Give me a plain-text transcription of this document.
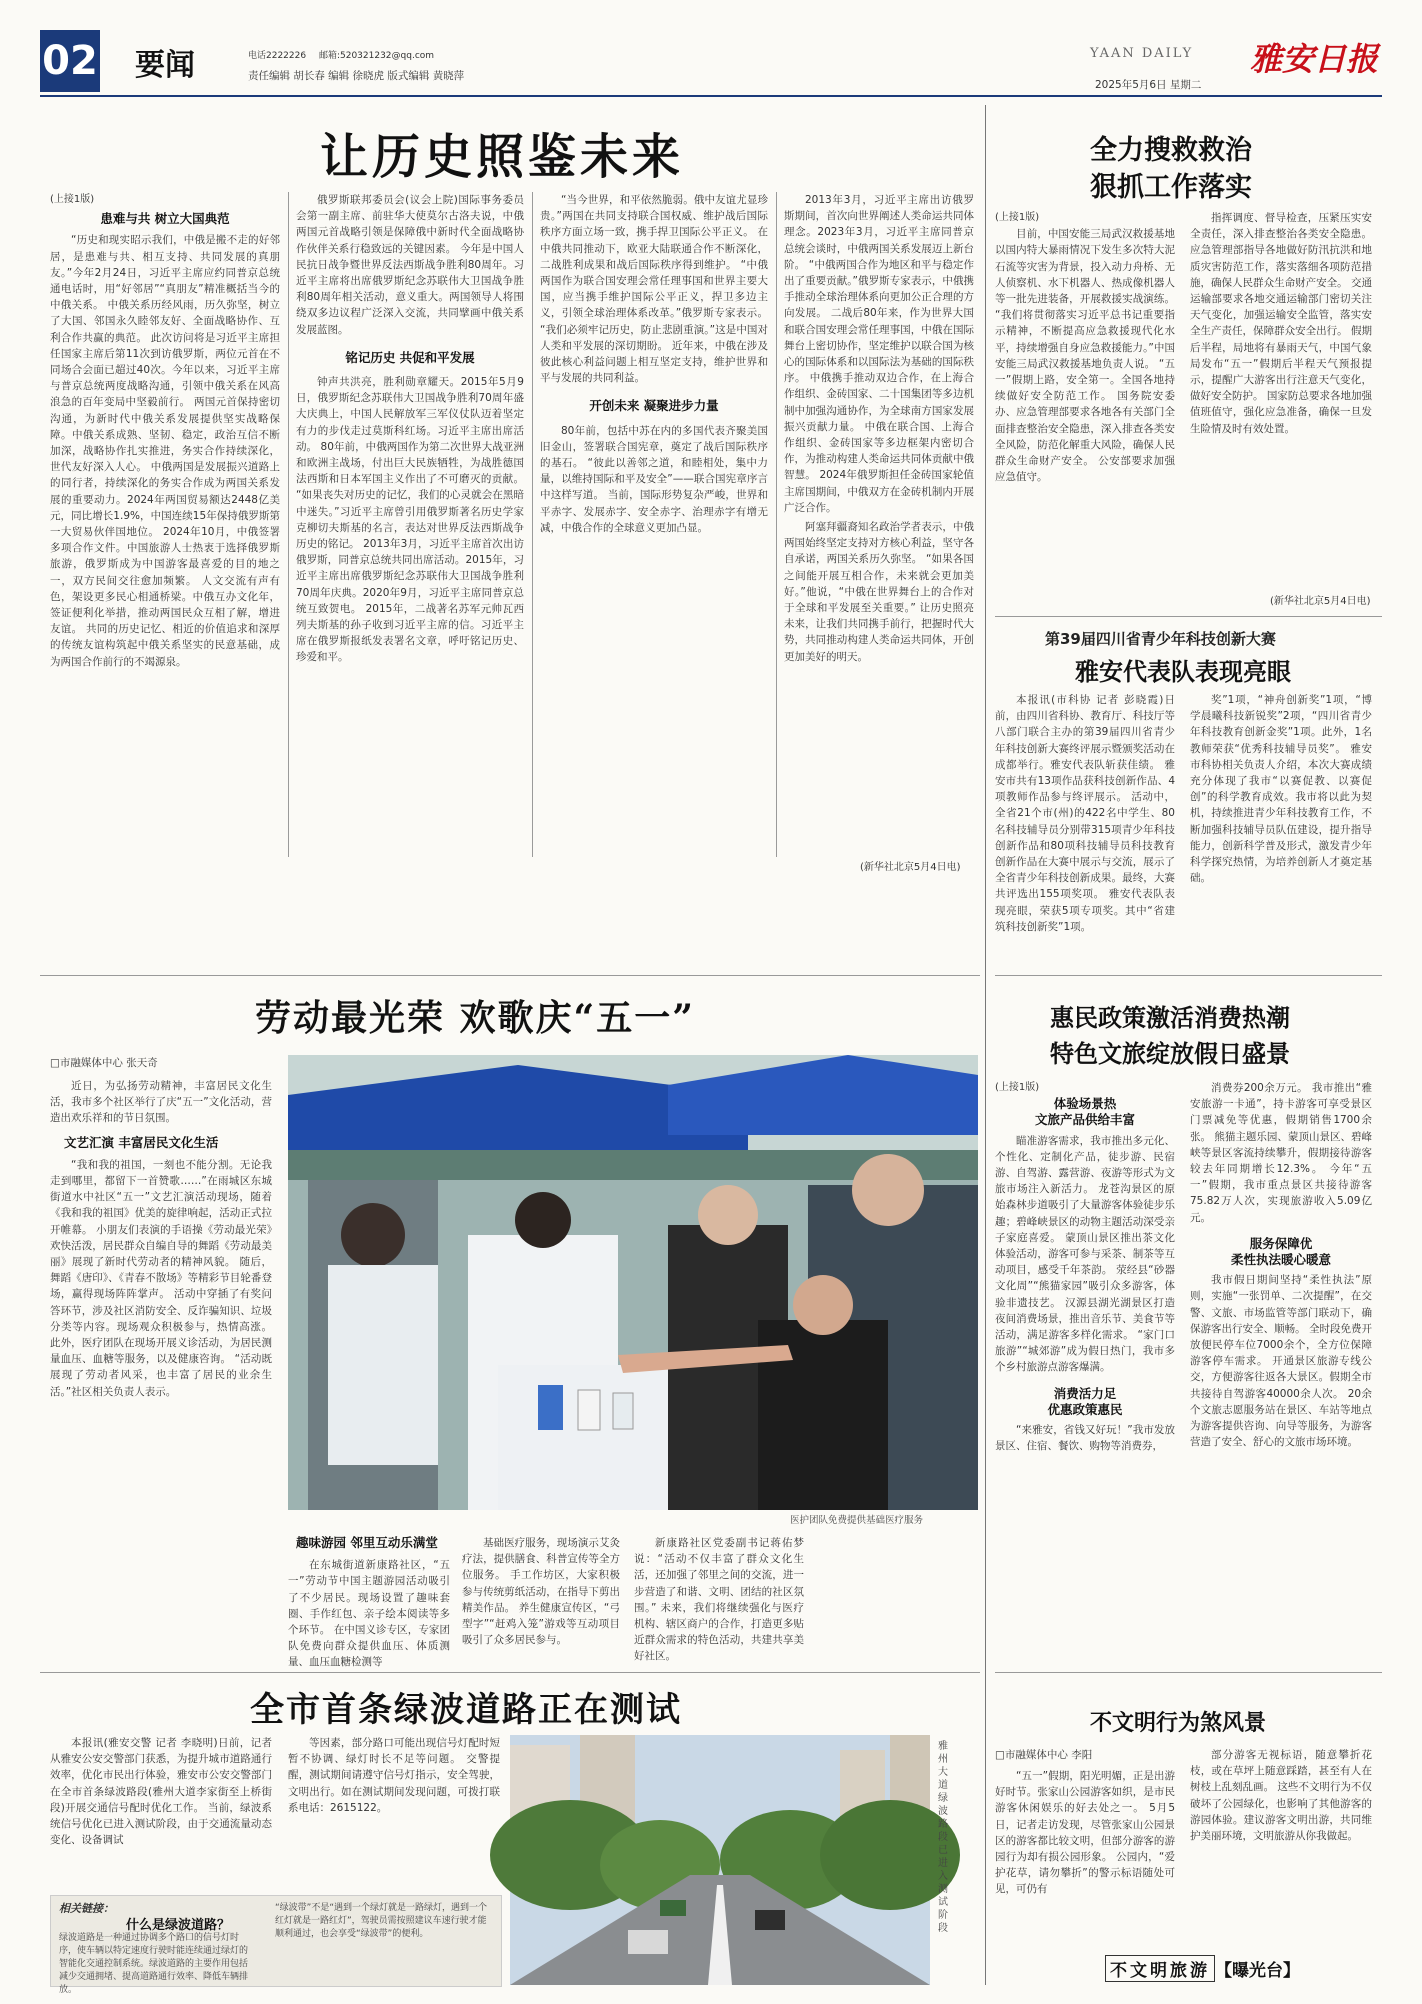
02 要闻	电话2222226 邮箱:520321232@qq.com
责任编辑 胡长春 编辑 徐晓虎 版式编辑 黄晓萍
YAAN DAILY 雅安日报
2025年5月6日 星期二
让历史照鉴未来
(上接1版)
患难与共 树立大国典范

“历史和现实昭示我们，中俄是搬不走的好邻居，是患难与共、相互支持、共同发展的真朋友。”今年2月24日，习近平主席应约同普京总统通电话时，用“好邻居”“真朋友”精准概括当今的中俄关系。 中俄关系历经风雨，历久弥坚，树立了大国、邻国永久睦邻友好、全面战略协作、互利合作共赢的典范。 此次访问将是习近平主席担任国家主席后第11次到访俄罗斯，两位元首在不同场合会面已超过40次。今年以来，习近平主席与普京总统两度战略沟通，引领中俄关系在风高浪急的百年变局中坚毅前行。 两国元首保持密切沟通，为新时代中俄关系发展提供坚实战略保障。中俄关系成熟、坚韧、稳定，政治互信不断加深，战略协作扎实推进，务实合作持续深化，世代友好深入人心。 中俄两国是发展振兴道路上的同行者，持续深化的务实合作成为两国关系发展的重要动力。2024年两国贸易额达2448亿美元，同比增长1.9%，中国连续15年保持俄罗斯第一大贸易伙伴国地位。 2024年10月，中俄签署多项合作文件。中国旅游人士热衷于选择俄罗斯旅游，俄罗斯成为中国游客最喜爱的目的地之一，双方民间交往愈加频繁。 人文交流有声有色，架设更多民心相通桥梁。中俄互办文化年，签证便利化举措，推动两国民众互相了解，增进友谊。 共同的历史记忆、相近的价值追求和深厚的传统友谊构筑起中俄关系坚实的民意基础，成为两国合作前行的不竭源泉。

俄罗斯联邦委员会(议会上院)国际事务委员会第一副主席、前驻华大使莫尔古洛夫说，中俄两国元首战略引领是保障俄中新时代全面战略协作伙伴关系行稳致远的关键因素。 今年是中国人民抗日战争暨世界反法西斯战争胜利80周年。习近平主席将出席俄罗斯纪念苏联伟大卫国战争胜利80周年相关活动，意义重大。两国领导人将围绕双多边议程广泛深入交流，共同擘画中俄关系发展蓝图。

铭记历史 共促和平发展

钟声共洪亮，胜利勋章耀天。2015年5月9日，俄罗斯纪念苏联伟大卫国战争胜利70周年盛大庆典上，中国人民解放军三军仪仗队迈着坚定有力的步伐走过莫斯科红场。习近平主席出席活动。 80年前，中俄两国作为第二次世界大战亚洲和欧洲主战场，付出巨大民族牺牲，为战胜德国法西斯和日本军国主义作出了不可磨灭的贡献。 “如果丧失对历史的记忆，我们的心灵就会在黑暗中迷失。”习近平主席曾引用俄罗斯著名历史学家克柳切夫斯基的名言，表达对世界反法西斯战争历史的铭记。 2013年3月，习近平主席首次出访俄罗斯，同普京总统共同出席活动。2015年，习近平主席出席俄罗斯纪念苏联伟大卫国战争胜利70周年庆典。2020年9月，习近平主席同普京总统互致贺电。 2015年，二战著名苏军元帅瓦西列夫斯基的孙子收到习近平主席的信。习近平主席在俄罗斯报纸发表署名文章，呼吁铭记历史、珍爱和平。

“当今世界，和平依然脆弱。俄中友谊尤显珍贵。”两国在共同支持联合国权威、维护战后国际秩序方面立场一致，携手捍卫国际公平正义。 在中俄共同推动下，欧亚大陆联通合作不断深化，二战胜利成果和战后国际秩序得到维护。 “中俄两国作为联合国安理会常任理事国和世界主要大国，应当携手维护国际公平正义，捍卫多边主义，引领全球治理体系改革。”俄罗斯专家表示。 “我们必须牢记历史，防止悲剧重演。”这是中国对人类和平发展的深切期盼。 近年来，中俄在涉及彼此核心利益问题上相互坚定支持，维护世界和平与发展的共同利益。

开创未来 凝聚进步力量

80年前，包括中苏在内的多国代表齐聚美国旧金山，签署联合国宪章，奠定了战后国际秩序的基石。 “彼此以善邻之道，和睦相处，集中力量，以维持国际和平及安全”——联合国宪章序言中这样写道。 当前，国际形势复杂严峻，世界和平赤字、发展赤字、安全赤字、治理赤字有增无减，中俄合作的全球意义更加凸显。

2013年3月，习近平主席出访俄罗斯期间，首次向世界阐述人类命运共同体理念。2023年3月，习近平主席同普京总统会谈时，中俄两国关系发展迈上新台阶。 “中俄两国合作为地区和平与稳定作出了重要贡献。”俄罗斯专家表示，中俄携手推动全球治理体系向更加公正合理的方向发展。 二战后80年来，作为世界大国和联合国安理会常任理事国，中俄在国际舞台上密切协作，坚定维护以联合国为核心的国际体系和以国际法为基础的国际秩序。 中俄携手推动双边合作，在上海合作组织、金砖国家、二十国集团等多边机制中加强沟通协作，为全球南方国家发展振兴贡献力量。 中俄在联合国、上海合作组织、金砖国家等多边框架内密切合作，为推动构建人类命运共同体贡献中俄智慧。 2024年俄罗斯担任金砖国家轮值主席国期间，中俄双方在金砖机制内开展广泛合作。

阿塞拜疆裔知名政治学者表示，中俄两国始终坚定支持对方核心利益，坚守各自承诺，两国关系历久弥坚。 “如果各国之间能开展互相合作，未来就会更加美好。”他说，“中俄在世界舞台上的合作对于全球和平发展至关重要。” 让历史照亮未来，让我们共同携手前行，把握时代大势，共同推动构建人类命运共同体，开创更加美好的明天。

(新华社北京5月4日电)
全力搜救救治
狠抓工作落实
(上接1版)

目前，中国安能三局武汉救援基地以国内特大暴雨情况下发生多次特大泥石流等灾害为背景，投入动力舟桥、无人侦察机、水下机器人、热成像机器人等一批先进装备，开展救援实战演练。 “我们将贯彻落实习近平总书记重要指示精神，不断提高应急救援现代化水平，持续增强自身应急救援能力。”中国安能三局武汉救援基地负责人说。 “五一”假期上路，安全第一。全国各地持续做好安全防范工作。 国务院安委办、应急管理部要求各地各有关部门全面排查整治安全隐患，深入排查各类安全风险，防范化解重大风险，确保人民群众生命财产安全。 公安部要求加强应急值守。

指挥调度、督导检查，压紧压实安全责任，深入排查整治各类安全隐患。 应急管理部指导各地做好防汛抗洪和地质灾害防范工作，落实落细各项防范措施，确保人民群众生命财产安全。 交通运输部要求各地交通运输部门密切关注天气变化，加强运输安全监管，落实安全生产责任，保障群众安全出行。 假期后半程，局地将有暴雨天气，中国气象局发布“五一”假期后半程天气预报提示，提醒广大游客出行注意天气变化，做好安全防护。 国家防总要求各地加强值班值守，强化应急准备，确保一旦发生险情及时有效处置。

(新华社北京5月4日电)
第39届四川省青少年科技创新大赛
雅安代表队表现亮眼

本报讯(市科协 记者 彭晓霞)日前，由四川省科协、教育厅、科技厅等八部门联合主办的第39届四川省青少年科技创新大赛终评展示暨颁奖活动在成都举行。雅安代表队斩获佳绩。 雅安市共有13项作品获科技创新作品、4项教师作品参与终评展示。 活动中，全省21个市(州)的422名中学生、80名科技辅导员分别带315项青少年科技创新作品和80项科技辅导员科技教育创新作品在大赛中展示与交流，展示了全省青少年科技创新成果。最终，大赛共评选出155项奖项。 雅安代表队表现亮眼，荣获5项专项奖。其中“省建筑科技创新奖”1项。

奖”1项，“神舟创新奖”1项，“博学晨曦科技新锐奖”2项，“四川省青少年科技教育创新金奖”1项。此外，1名教师荣获“优秀科技辅导员奖”。 雅安市科协相关负责人介绍，本次大赛成绩充分体现了我市“以赛促教、以赛促创”的科学教育成效。我市将以此为契机，持续推进青少年科技教育工作，不断加强科技辅导员队伍建设，提升指导能力，创新科学普及形式，激发青少年科学探究热情，为培养创新人才奠定基础。

劳动最光荣 欢歌庆“五一”
□市融媒体中心 张天奇

近日，为弘扬劳动精神，丰富居民文化生活，我市多个社区举行了庆“五一”文化活动，营造出欢乐祥和的节日氛围。

文艺汇演 丰富居民文化生活

“我和我的祖国，一刻也不能分割。无论我走到哪里，都留下一首赞歌……”在雨城区东城街道水中社区“五一”文艺汇演活动现场，随着《我和我的祖国》优美的旋律响起，活动正式拉开帷幕。 小朋友们表演的手语操《劳动最光荣》欢快活泼，居民群众自编自导的舞蹈《劳动最美丽》展现了新时代劳动者的精神风貌。 随后，舞蹈《唐印》、《青春不散场》等精彩节目轮番登场，赢得现场阵阵掌声。 活动中穿插了有奖问答环节，涉及社区消防安全、反诈骗知识、垃圾分类等内容。现场观众积极参与，热情高涨。 此外，医疗团队在现场开展义诊活动，为居民测量血压、血糖等服务，以及健康咨询。 “活动既展现了劳动者风采，也丰富了居民的业余生活。”社区相关负责人表示。

医护团队免费提供基础医疗服务
趣味游园 邻里互动乐满堂

在东城街道新康路社区，“五一”劳动节中国主题游园活动吸引了不少居民。现场设置了趣味套圈、手作红包、亲子绘本阅读等多个环节。 在中国义诊专区，专家团队免费向群众提供血压、体质测量、血压血糖检测等

基础医疗服务，现场演示艾灸疗法，提供膳食、科普宣传等全方位服务。 手工作坊区，大家积极参与传统剪纸活动，在指导下剪出精美作品。 养生健康宣传区，“弓型字”“赶鸡入笼”游戏等互动项目吸引了众多居民参与。

新康路社区党委副书记蒋佑梦说：“活动不仅丰富了群众文化生活，还加强了邻里之间的交流，进一步营造了和谐、文明、团结的社区氛围。” 未来，我们将继续强化与医疗机构、辖区商户的合作，打造更多贴近群众需求的特色活动，共建共享美好社区。

惠民政策激活消费热潮
特色文旅绽放假日盛景
(上接1版)
体验场景热
文旅产品供给丰富

瞄准游客需求，我市推出多元化、个性化、定制化产品，徒步游、民宿游、自驾游、露营游、夜游等形式为文旅市场注入新活力。 龙苍沟景区的原始森林步道吸引了大量游客体验徒步乐趣；碧峰峡景区的动物主题活动深受亲子家庭喜爱。 蒙顶山景区推出茶文化体验活动，游客可参与采茶、制茶等互动项目，感受千年茶韵。 荥经县“砂器文化周”“熊猫家园”吸引众多游客，体验非遗技艺。 汉源县湖光湖景区打造夜间消费场景，推出音乐节、美食节等活动，满足游客多样化需求。 “家门口旅游”“城郊游”成为假日热门，我市多个乡村旅游点游客爆满。

消费活力足
优惠政策惠民

“来雅安，省钱又好玩！”我市发放景区、住宿、餐饮、购物等消费券，

消费券200余万元。 我市推出“雅安旅游一卡通”，持卡游客可享受景区门票减免等优惠，假期销售1700余张。 熊猫主题乐园、蒙顶山景区、碧峰峡等景区客流持续攀升，假期接待游客较去年同期增长12.3%。 今年“五一”假期，我市重点景区共接待游客75.82万人次，实现旅游收入5.09亿元。

服务保障优
柔性执法暖心暖意

我市假日期间坚持“柔性执法”原则，实施“一张罚单、二次提醒”，在交警、文旅、市场监管等部门联动下，确保游客出行安全、顺畅。 全时段免费开放便民停车位7000余个，全方位保障游客停车需求。 开通景区旅游专线公交，方便游客往返各大景区。假期全市共接待自驾游客40000余人次。 20余个文旅志愿服务站在景区、车站等地点为游客提供咨询、向导等服务，为游客营造了安全、舒心的文旅市场环境。

全市首条绿波道路正在测试

本报讯(雅安交警 记者 李晓明)日前，记者从雅安公安交警部门获悉，为提升城市道路通行效率，优化市民出行体验，雅安市公安交警部门在全市首条绿波路段(雅州大道李家街至上桥街段)开展交通信号配时优化工作。 当前，绿波系统信号优化已进入测试阶段，由于交通流量动态变化、设备调试

等因素，部分路口可能出现信号灯配时短暂不协调、绿灯时长不足等问题。 交警提醒，测试期间请遵守信号灯指示，安全驾驶，文明出行。如在测试期间发现问题，可拨打联系电话：2615122。

雅州大道绿波路段已进入测试阶段
相关链接：
什么是绿波道路？
绿波道路是一种通过协调多个路口的信号灯时序，使车辆以特定速度行驶时能连续通过绿灯的智能化交通控制系统。绿波道路的主要作用包括减少交通拥堵、提高道路通行效率、降低车辆排放。
“绿波带”不是“遇到一个绿灯就是一路绿灯，遇到一个红灯就是一路红灯”，驾驶员需按照建议车速行驶才能顺利通过，也会享受“绿波带”的便利。
不文明行为煞风景
□市融媒体中心 李阳

“五一”假期，阳光明媚，正是出游好时节。张家山公园游客如织，是市民游客休闲娱乐的好去处之一。 5月5日，记者走访发现，尽管张家山公园景区的游客都比较文明，但部分游客的游园行为却有损公园形象。 公园内，“爱护花草，请勿攀折”的警示标语随处可见，可仍有

部分游客无视标语，随意攀折花枝，或在草坪上随意踩踏，甚至有人在树枝上乱刻乱画。 这些不文明行为不仅破坏了公园绿化，也影响了其他游客的游园体验。建议游客文明出游，共同维护美丽环境，文明旅游从你我做起。

不文明旅游 【曝光台】
